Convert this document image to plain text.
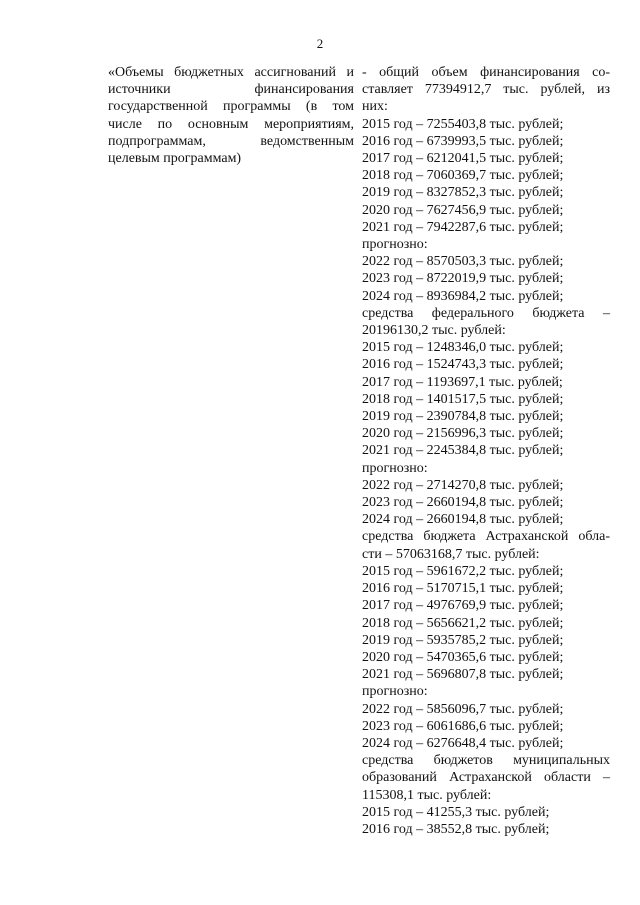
2
«Объемы бюджетных ассигнований и источники финансирования государственной программы (в том числе по основным мероприятиям, подпрограммам, ведомственным целевым программам)
- общий объем финансирования со-
ставляет 77394912,7 тыс. рублей, из
них:
2015 год – 7255403,8 тыс. рублей;
2016 год – 6739993,5 тыс. рублей;
2017 год – 6212041,5 тыс. рублей;
2018 год – 7060369,7 тыс. рублей;
2019 год – 8327852,3 тыс. рублей;
2020 год – 7627456,9 тыс. рублей;
2021 год – 7942287,6 тыс. рублей;
прогнозно:
2022 год – 8570503,3 тыс. рублей;
2023 год – 8722019,9 тыс. рублей;
2024 год – 8936984,2 тыс. рублей;
средства федерального бюджета –
20196130,2 тыс. рублей:
2015 год – 1248346,0 тыс. рублей;
2016 год – 1524743,3 тыс. рублей;
2017 год – 1193697,1 тыс. рублей;
2018 год – 1401517,5 тыс. рублей;
2019 год – 2390784,8 тыс. рублей;
2020 год – 2156996,3 тыс. рублей;
2021 год – 2245384,8 тыс. рублей;
прогнозно:
2022 год – 2714270,8 тыс. рублей;
2023 год – 2660194,8 тыс. рублей;
2024 год – 2660194,8 тыс. рублей;
средства бюджета Астраханской обла-
сти – 57063168,7 тыс. рублей:
2015 год – 5961672,2 тыс. рублей;
2016 год – 5170715,1 тыс. рублей;
2017 год – 4976769,9 тыс. рублей;
2018 год – 5656621,2 тыс. рублей;
2019 год – 5935785,2 тыс. рублей;
2020 год – 5470365,6 тыс. рублей;
2021 год – 5696807,8 тыс. рублей;
прогнозно:
2022 год – 5856096,7 тыс. рублей;
2023 год – 6061686,6 тыс. рублей;
2024 год – 6276648,4 тыс. рублей;
средства бюджетов муниципальных
образований Астраханской области –
115308,1 тыс. рублей:
2015 год – 41255,3 тыс. рублей;
2016 год – 38552,8 тыс. рублей;
